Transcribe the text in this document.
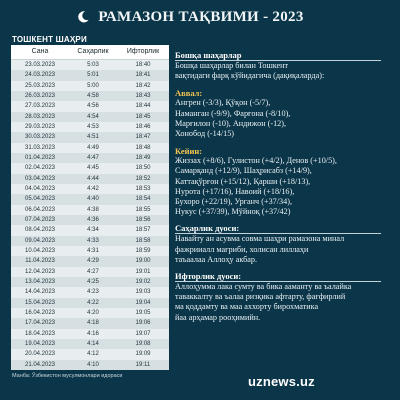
РАМАЗОН ТАҚВИМИ - 2023
ТОШКЕНТ ШАҲРИ
Сана	Саҳарлик	Ифторлик
23.03.2023	5:03	18:40
24.03.2023	5:01	18:41
25.03.2023	5:00	18:42
26.03.2023	4:58	18:43
27.03.2023	4:56	18:44
28.03.2023	4:54	18:45
29.03.2023	4:53	18:46
30.03.2023	4:51	18:47
31.03.2023	4:49	18:48
01.04.2023	4:47	18:49
02.04.2023	4:45	18:50
03.04.2023	4:44	18:52
04.04.2023	4:42	18:53
05.04.2023	4:40	18:54
06.04.2023	4:38	18:55
07.04.2023	4:36	18:56
08.04.2023	4:34	18:57
09.04.2023	4:33	18:58
10.04.2023	4:31	18:59
11.04.2023	4:29	19:00
12.04.2023	4:27	19:01
13.04.2023	4:25	19:02
14.04.2023	4:23	19:03
15.04.2023	4:22	19:04
16.04.2023	4:20	19:05
17.04.2023	4:18	19:06
18.04.2023	4:16	19:07
19.04.2023	4:14	19:08
20.04.2023	4:12	19:09
21.04.2023	4:10	19:11
Манба: Ўзбекистон мусулмонлари идораси
Бошқа шаҳарлар
Бошқа шаҳарлар билан Тошкент
вақтидаги фарқ кўйидагича (дақиқаларда):
Аввал:
Ангрен (-3/3), Қўқон (-5/7),
Наманган (-9/9), Фарғона (-8/10),
Марғилон (-10), Андижон (-12),
Хонобод (-14/15)
Кейин:
Жиззах (+8/6), Гулистон (+4/2), Денов (+10/5),
Самарқанд (+12/9), Шаҳрисабз (+14/9),
Каттақўрғон (+15/12), Қарши (+18/13),
Нурота (+17/16), Навоий (+18/16),
Бухоро (+22/19), Урганч (+37/34),
Нукус (+37/39), Мўйноқ (+37/42)
Саҳарлик дуоси:
Навайту ан асувма совма шаҳри рамазона минал
фажрииалл мағриби, холисан лиллаҳи
таъаалаа Аллоҳу акбар.
Ифторлик дуоси:
Аллоҳумма лака сумту ва бика ааманту ва ъалайка
таваккалту ва ъалаа ризқика афтарту, фағфирлий
ма қоддамту ва маа аххорту бирохматика
йаа арҳамар рооҳимийн.
uznews.uz
